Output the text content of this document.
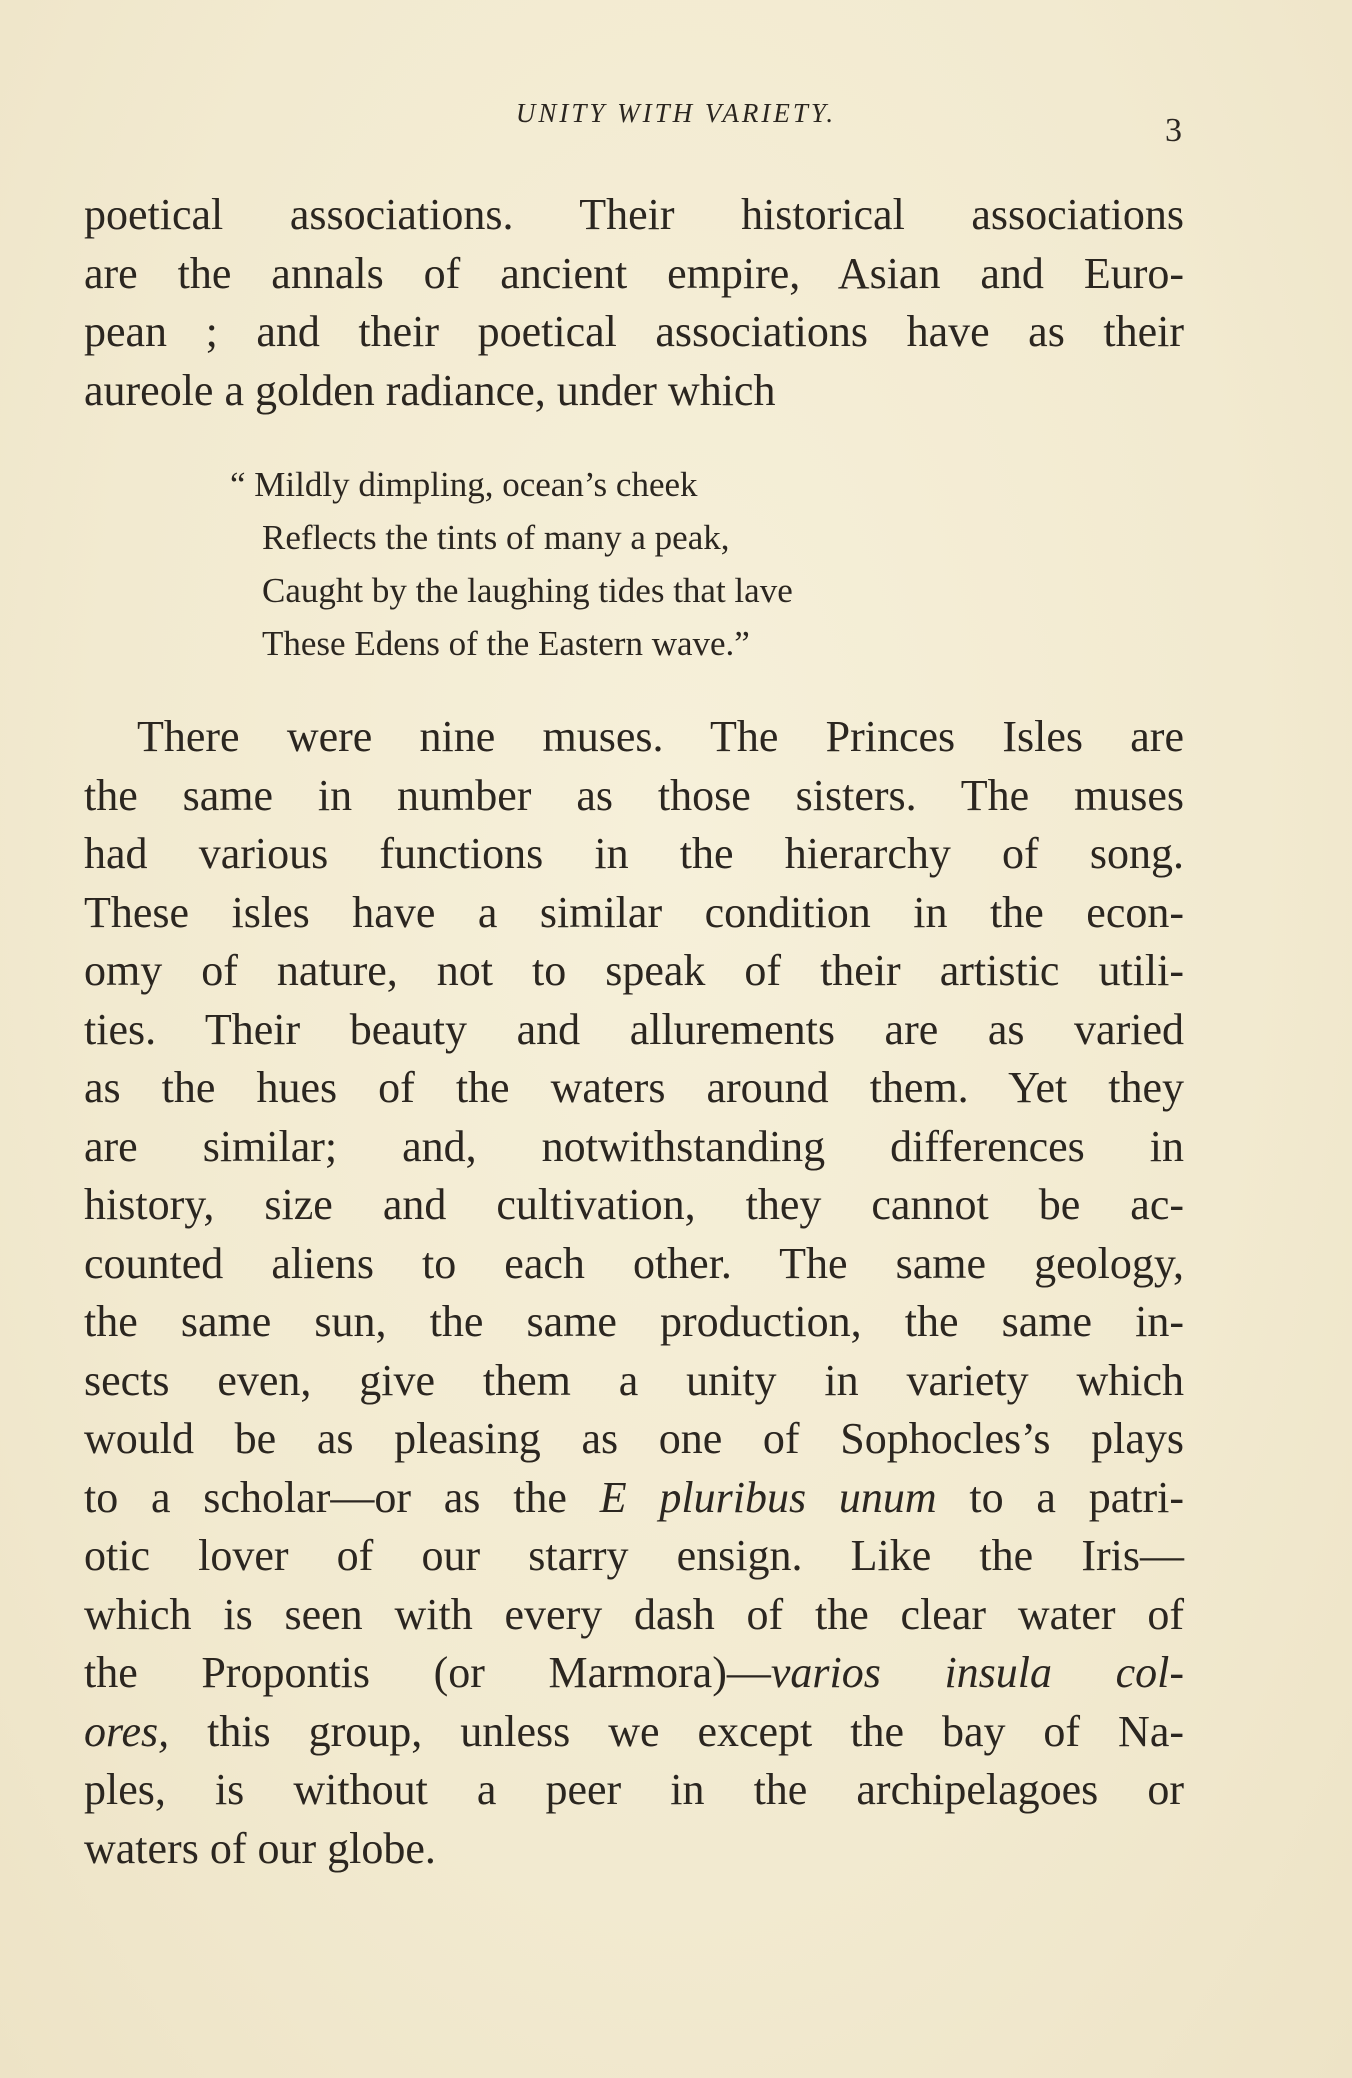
UNITY WITH VARIETY.	3
poetical associations. Their historical associations
are the annals of ancient empire, Asian and Euro-
pean ; and their poetical associations have as their
aureole a golden radiance, under which
“ Mildly dimpling, ocean’s cheek
Reflects the tints of many a peak,
Caught by the laughing tides that lave
These Edens of the Eastern wave.”
There were nine muses. The Princes Isles are
the same in number as those sisters. The muses
had various functions in the hierarchy of song.
These isles have a similar condition in the econ-
omy of nature, not to speak of their artistic utili-
ties. Their beauty and allurements are as varied
as the hues of the waters around them. Yet they
are similar; and, notwithstanding differences in
history, size and cultivation, they cannot be ac-
counted aliens to each other. The same geology,
the same sun, the same production, the same in-
sects even, give them a unity in variety which
would be as pleasing as one of Sophocles’s plays
to a scholar—or as the E pluribus unum to a patri-
otic lover of our starry ensign. Like the Iris—
which is seen with every dash of the clear water of
the Propontis (or Marmora)—varios insula col-
ores, this group, unless we except the bay of Na-
ples, is without a peer in the archipelagoes or
waters of our globe.
